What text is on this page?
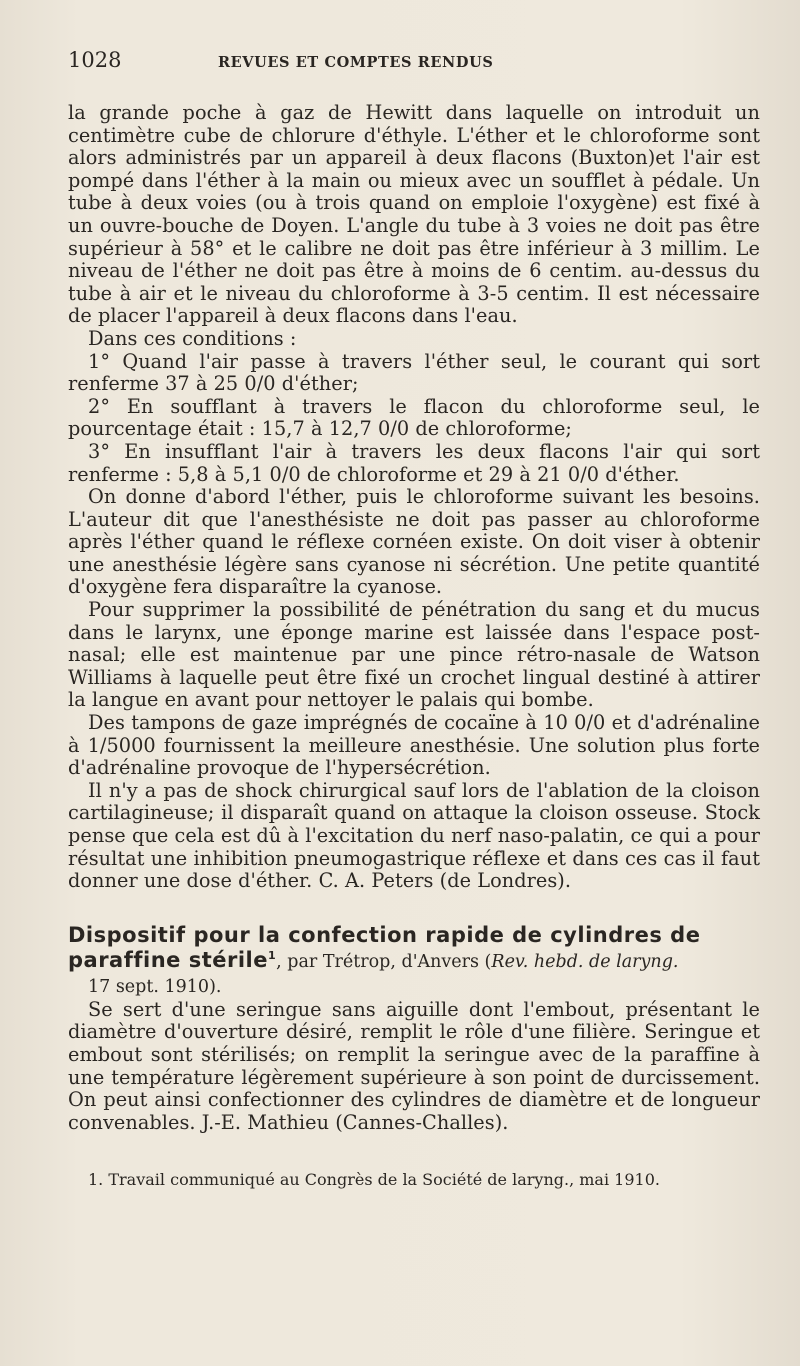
1028	REVUES ET COMPTES RENDUS

la grande poche à gaz de Hewitt dans laquelle on introduit un centimètre cube de chlorure d'éthyle. L'éther et le chloroforme sont alors administrés par un appareil à deux flacons (Buxton)et l'air est pompé dans l'éther à la main ou mieux avec un soufflet à pédale. Un tube à deux voies (ou à trois quand on emploie l'oxygène) est fixé à un ouvre-bouche de Doyen. L'angle du tube à 3 voies ne doit pas être supérieur à 58° et le calibre ne doit pas être inférieur à 3 millim. Le niveau de l'éther ne doit pas être à moins de 6 centim. au-dessus du tube à air et le niveau du chloroforme à 3-5 centim. Il est nécessaire de placer l'appareil à deux flacons dans l'eau.

Dans ces conditions :

1° Quand l'air passe à travers l'éther seul, le courant qui sort renferme 37 à 25 0/0 d'éther;

2° En soufflant à travers le flacon du chloroforme seul, le pourcentage était : 15,7 à 12,7 0/0 de chloroforme;

3° En insufflant l'air à travers les deux flacons l'air qui sort renferme : 5,8 à 5,1 0/0 de chloroforme et 29 à 21 0/0 d'éther.

On donne d'abord l'éther, puis le chloroforme suivant les besoins. L'auteur dit que l'anesthésiste ne doit pas passer au chloroforme après l'éther quand le réflexe cornéen existe. On doit viser à obtenir une anesthésie légère sans cyanose ni sécrétion. Une petite quantité d'oxygène fera disparaître la cyanose.

Pour supprimer la possibilité de pénétration du sang et du mucus dans le larynx, une éponge marine est laissée dans l'espace post-nasal; elle est maintenue par une pince rétro-nasale de Watson Williams à laquelle peut être fixé un crochet lingual destiné à attirer la langue en avant pour nettoyer le palais qui bombe.

Des tampons de gaze imprégnés de cocaïne à 10 0/0 et d'adrénaline à 1/5000 fournissent la meilleure anesthésie. Une solution plus forte d'adrénaline provoque de l'hypersécrétion.

Il n'y a pas de shock chirurgical sauf lors de l'ablation de la cloison cartilagineuse; il disparaît quand on attaque la cloison osseuse. Stock pense que cela est dû à l'excitation du nerf naso-palatin, ce qui a pour résultat une inhibition pneumogastrique réflexe et dans ces cas il faut donner une dose d'éther. C. A. Peters (de Londres).

Dispositif pour la confection rapide de cylindres de paraffine stérile$^1$, par Trétrop, d'Anvers (Rev. hebd. de laryng.
17 sept. 1910).

Se sert d'une seringue sans aiguille dont l'embout, présentant le diamètre d'ouverture désiré, remplit le rôle d'une filière. Seringue et embout sont stérilisés; on remplit la seringue avec de la paraffine à une température légèrement supérieure à son point de durcissement. On peut ainsi confectionner des cylindres de diamètre et de longueur convenables. J.-E. Mathieu (Cannes-Challes).

1. Travail communiqué au Congrès de la Société de laryng., mai 1910.
